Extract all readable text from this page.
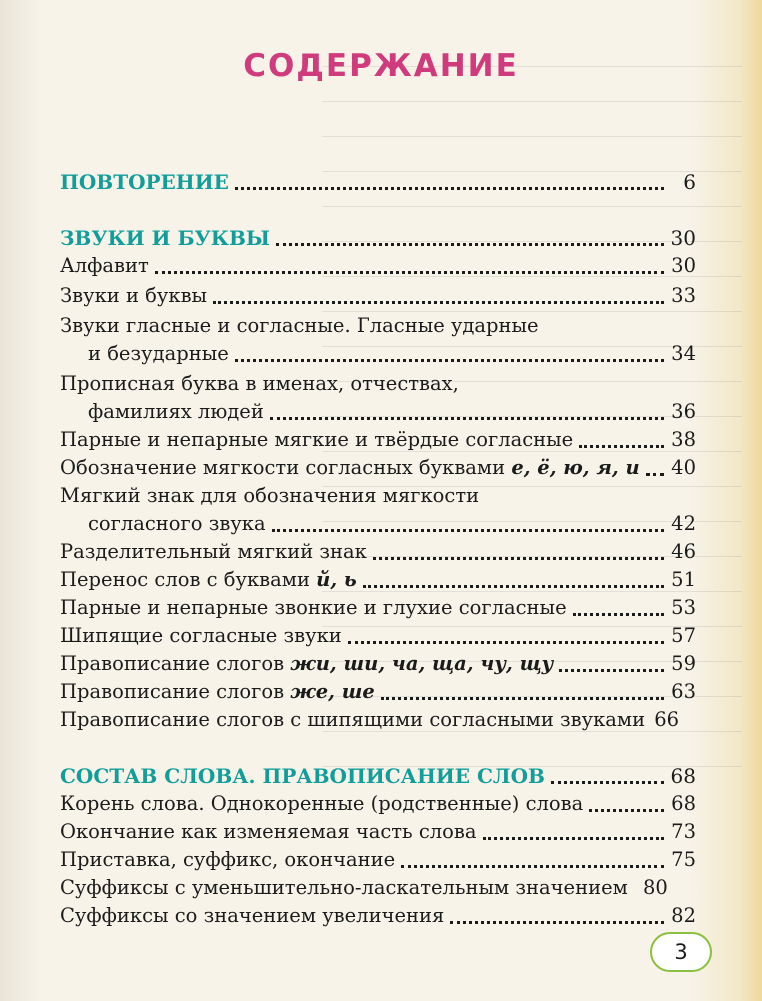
СОДЕРЖАНИЕ
ПОВТОРЕНИЕ	6
ЗВУКИ И БУКВЫ	30
Алфавит	30
Звуки и буквы	33
Звуки гласные и согласные. Гласные ударные
и безударные	34
Прописная буква в именах, отчествах,
фамилиях людей	36
Парные и непарные мягкие и твёрдые согласные	38
Обозначение мягкости согласных буквами е, ё, ю, я, и 40
Мягкий знак для обозначения мягкости
согласного звука	42
Разделительный мягкий знак	46
Перенос слов с буквами й, ь	51
Парные и непарные звонкие и глухие согласные	53
Шипящие согласные звуки	57
Правописание слогов жи, ши, ча, ща, чу, щу	59
Правописание слогов же, ше	63
Правописание слогов с шипящими согласными звуками 66
СОСТАВ СЛОВА. ПРАВОПИСАНИЕ СЛОВ	68
Корень слова. Однокоренные (родственные) слова	68
Окончание как изменяемая часть слова	73
Приставка, суффикс, окончание	75
Суффиксы с уменьшительно-ласкательным значением 80
Суффиксы со значением увеличения	82
3
